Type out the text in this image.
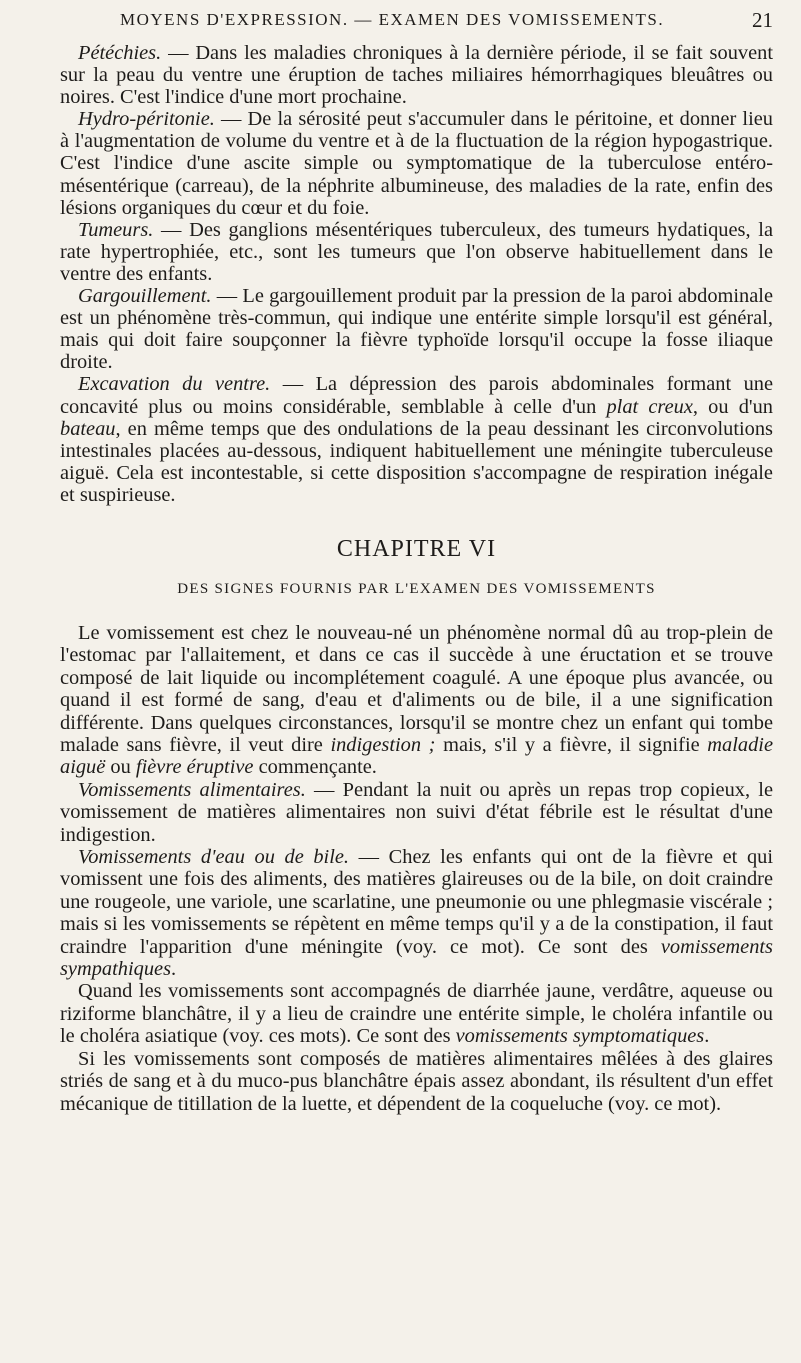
MOYENS D'EXPRESSION. — EXAMEN DES VOMISSEMENTS.	21

Pétéchies. — Dans les maladies chroniques à la dernière période, il se fait souvent sur la peau du ventre une éruption de taches miliaires hémorrhagiques bleuâtres ou noires. C'est l'indice d'une mort prochaine.

Hydro-péritonie. — De la sérosité peut s'accumuler dans le péritoine, et donner lieu à l'augmentation de volume du ventre et à de la fluctuation de la région hypogastrique. C'est l'indice d'une ascite simple ou symptomatique de la tuberculose entéro-mésentérique (carreau), de la néphrite albumineuse, des maladies de la rate, enfin des lésions organiques du cœur et du foie.

Tumeurs. — Des ganglions mésentériques tuberculeux, des tumeurs hydatiques, la rate hypertrophiée, etc., sont les tumeurs que l'on observe habituellement dans le ventre des enfants.

Gargouillement. — Le gargouillement produit par la pression de la paroi abdominale est un phénomène très-commun, qui indique une entérite simple lorsqu'il est général, mais qui doit faire soupçonner la fièvre typhoïde lorsqu'il occupe la fosse iliaque droite.

Excavation du ventre. — La dépression des parois abdominales formant une concavité plus ou moins considérable, semblable à celle d'un plat creux, ou d'un bateau, en même temps que des ondulations de la peau dessinant les circonvolutions intestinales placées au-dessous, indiquent habituellement une méningite tuberculeuse aiguë. Cela est incontestable, si cette disposition s'accompagne de respiration inégale et suspirieuse.

CHAPITRE VI
DES SIGNES FOURNIS PAR L'EXAMEN DES VOMISSEMENTS

Le vomissement est chez le nouveau-né un phénomène normal dû au trop-plein de l'estomac par l'allaitement, et dans ce cas il succède à une éructation et se trouve composé de lait liquide ou incomplétement coagulé. A une époque plus avancée, ou quand il est formé de sang, d'eau et d'aliments ou de bile, il a une signification différente. Dans quelques circonstances, lorsqu'il se montre chez un enfant qui tombe malade sans fièvre, il veut dire indigestion ; mais, s'il y a fièvre, il signifie maladie aiguë ou fièvre éruptive commençante.

Vomissements alimentaires. — Pendant la nuit ou après un repas trop copieux, le vomissement de matières alimentaires non suivi d'état fébrile est le résultat d'une indigestion.

Vomissements d'eau ou de bile. — Chez les enfants qui ont de la fièvre et qui vomissent une fois des aliments, des matières glaireuses ou de la bile, on doit craindre une rougeole, une variole, une scarlatine, une pneumonie ou une phlegmasie viscérale ; mais si les vomissements se répètent en même temps qu'il y a de la constipation, il faut craindre l'apparition d'une méningite (voy. ce mot). Ce sont des vomissements sympathiques.

Quand les vomissements sont accompagnés de diarrhée jaune, verdâtre, aqueuse ou riziforme blanchâtre, il y a lieu de craindre une entérite simple, le choléra infantile ou le choléra asiatique (voy. ces mots). Ce sont des vomissements symptomatiques.

Si les vomissements sont composés de matières alimentaires mêlées à des glaires striés de sang et à du muco-pus blanchâtre épais assez abondant, ils résultent d'un effet mécanique de titillation de la luette, et dépendent de la coqueluche (voy. ce mot).
